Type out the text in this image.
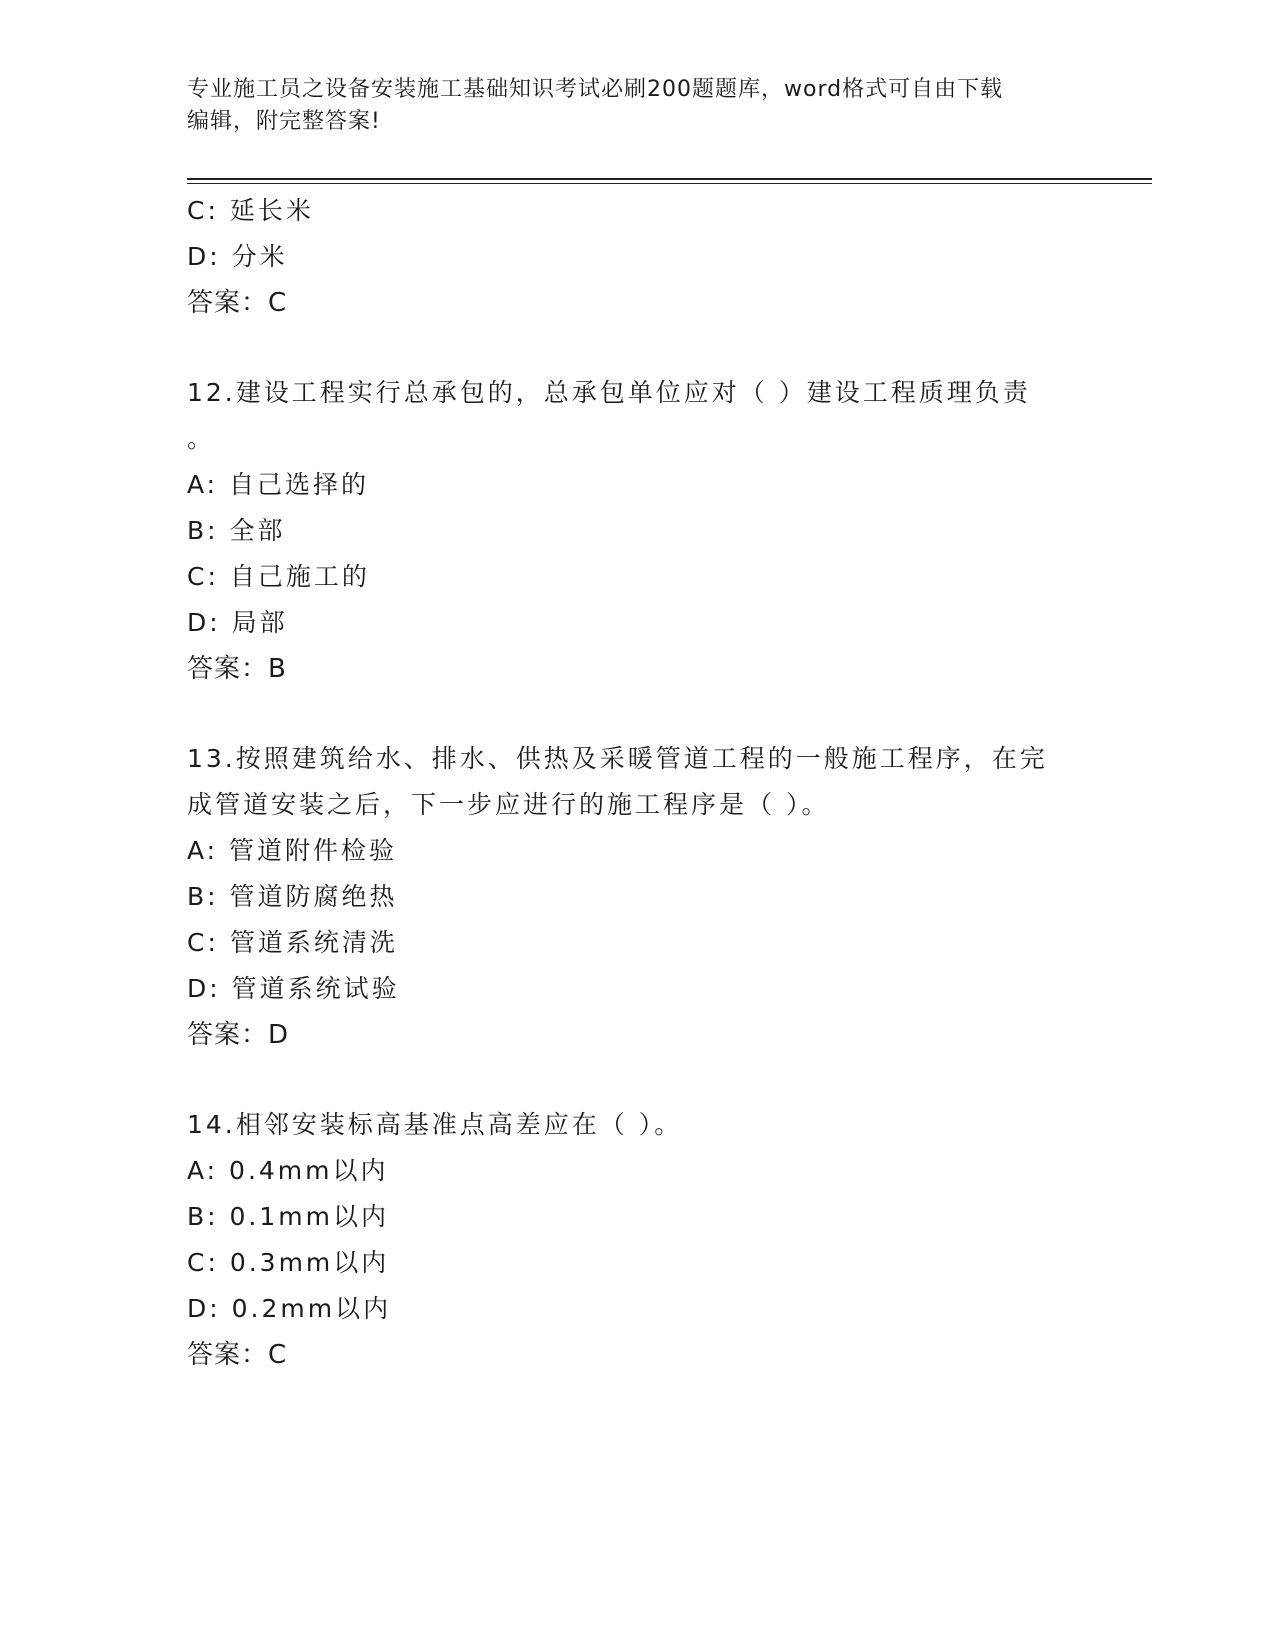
专业施工员之设备安装施工基础知识考试必刷200题题库，word格式可自由下载
编辑，附完整答案!
C: 延长米
D: 分米
答案：C
12.建设工程实行总承包的，总承包单位应对（ ）建设工程质理负责
。
A: 自己选择的
B: 全部
C: 自己施工的
D: 局部
答案：B
13.按照建筑给水、排水、供热及采暖管道工程的一般施工程序，在完
成管道安装之后，下一步应进行的施工程序是（ ）。
A: 管道附件检验
B: 管道防腐绝热
C: 管道系统清洗
D: 管道系统试验
答案：D
14.相邻安装标高基准点高差应在（ ）。
A: 0.4mm以内
B: 0.1mm以内
C: 0.3mm以内
D: 0.2mm以内
答案：C
